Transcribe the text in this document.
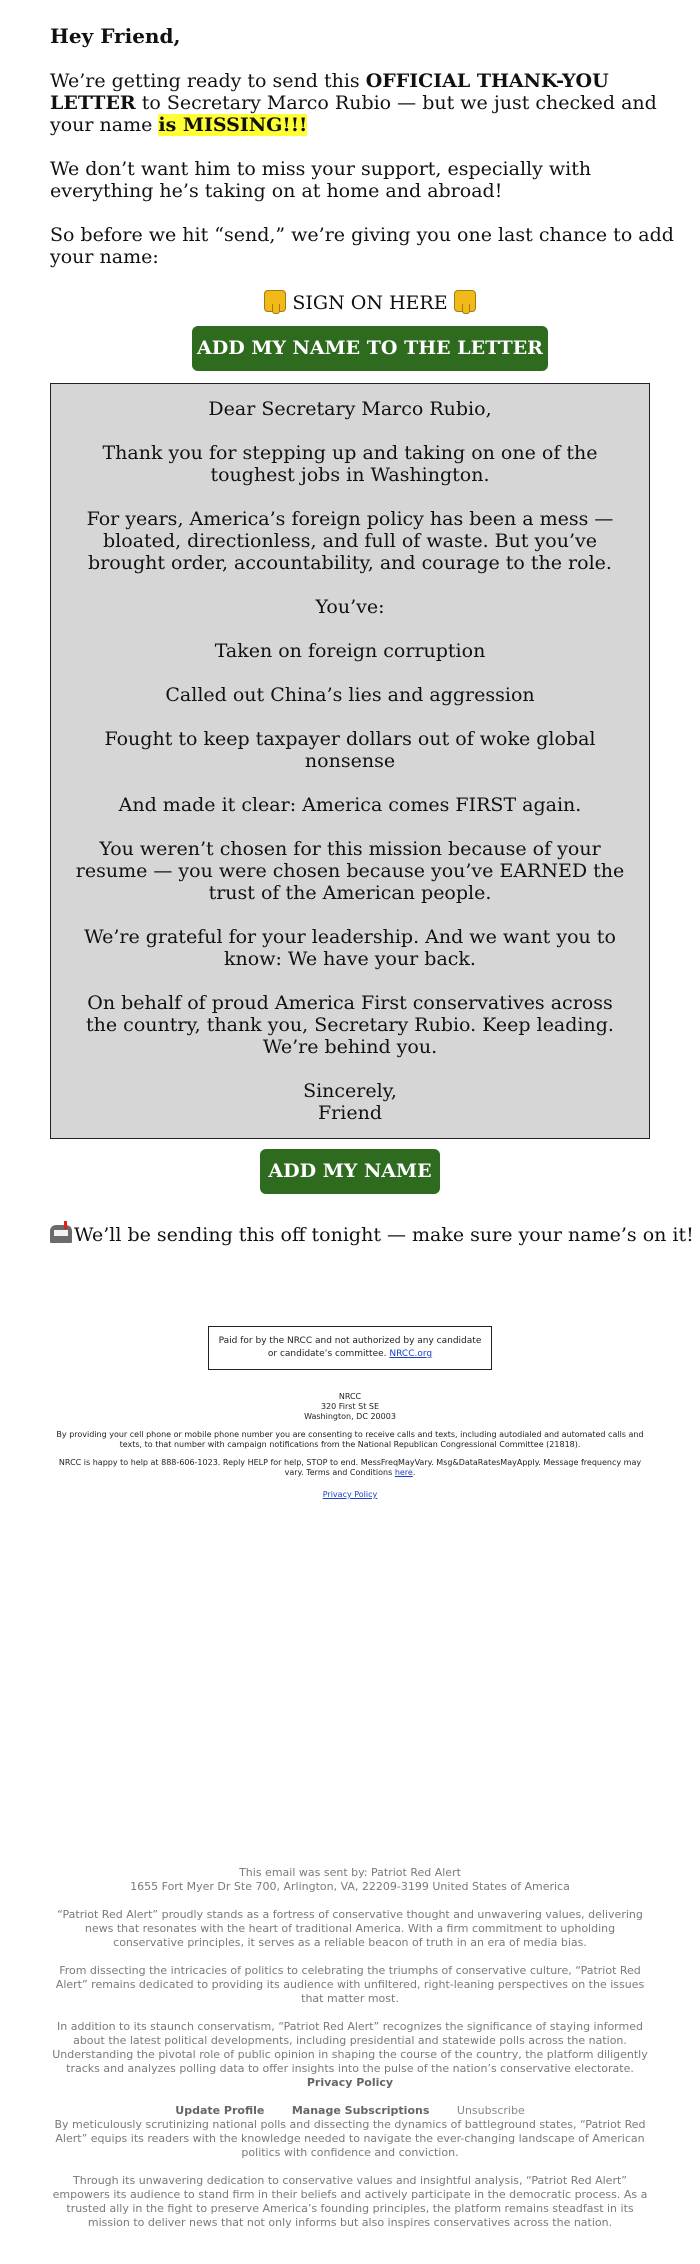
Hey Friend,

We’re getting ready to send this OFFICIAL THANK-YOU LETTER to Secretary Marco Rubio — but we just checked and your name is MISSING!!!

We don’t want him to miss your support, especially with everything he’s taking on at home and abroad!

So before we hit “send,” we’re giving you one last chance to add your name:

SIGN ON HERE
ADD MY NAME TO THE LETTER
Dear Secretary Marco Rubio,
Thank you for stepping up and taking on one of the toughest jobs in Washington.
For years, America’s foreign policy has been a mess — bloated, directionless, and full of waste. But you’ve brought order, accountability, and courage to the role.
You’ve:
Taken on foreign corruption
Called out China’s lies and aggression
Fought to keep taxpayer dollars out of woke global nonsense
And made it clear: America comes FIRST again.
You weren’t chosen for this mission because of your resume — you were chosen because you’ve EARNED the trust of the American people.
We’re grateful for your leadership. And we want you to know: We have your back.
On behalf of proud America First conservatives across the country, thank you, Secretary Rubio. Keep leading. We’re behind you.
Sincerely,
Friend
ADD MY NAME

We’ll be sending this off tonight — make sure your name’s on it!

Paid for by the NRCC and not authorized by any candidate or candidate’s committee. NRCC.org
NRCC
320 First St SE
Washington, DC 20003

By providing your cell phone or mobile phone number you are consenting to receive calls and texts, including autodialed and automated calls and texts, to that number with campaign notifications from the National Republican Congressional Committee (21818).

NRCC is happy to help at 888-606-1023. Reply HELP for help, STOP to end. MessFreqMayVary. Msg&DataRatesMayApply. Message frequency may vary. Terms and Conditions here.

Privacy Policy

This email was sent by: Patriot Red Alert

1655 Fort Myer Dr Ste 700, Arlington, VA, 22209-3199 United States of America

“Patriot Red Alert” proudly stands as a fortress of conservative thought and unwavering values, delivering news that resonates with the heart of traditional America. With a firm commitment to upholding conservative principles, it serves as a reliable beacon of truth in an era of media bias.

From dissecting the intricacies of politics to celebrating the triumphs of conservative culture, “Patriot Red Alert” remains dedicated to providing its audience with unfiltered, right-leaning perspectives on the issues that matter most.

In addition to its staunch conservatism, “Patriot Red Alert” recognizes the significance of staying informed about the latest political developments, including presidential and statewide polls across the nation. Understanding the pivotal role of public opinion in shaping the course of the country, the platform diligently tracks and analyzes polling data to offer insights into the pulse of the nation’s conservative electorate.

Privacy Policy

Update Profile	Manage Subscriptions	Unsubscribe

By meticulously scrutinizing national polls and dissecting the dynamics of battleground states, “Patriot Red Alert” equips its readers with the knowledge needed to navigate the ever-changing landscape of American politics with confidence and conviction.

Through its unwavering dedication to conservative values and insightful analysis, “Patriot Red Alert” empowers its audience to stand firm in their beliefs and actively participate in the democratic process. As a trusted ally in the fight to preserve America’s founding principles, the platform remains steadfast in its mission to deliver news that not only informs but also inspires conservatives across the nation.
